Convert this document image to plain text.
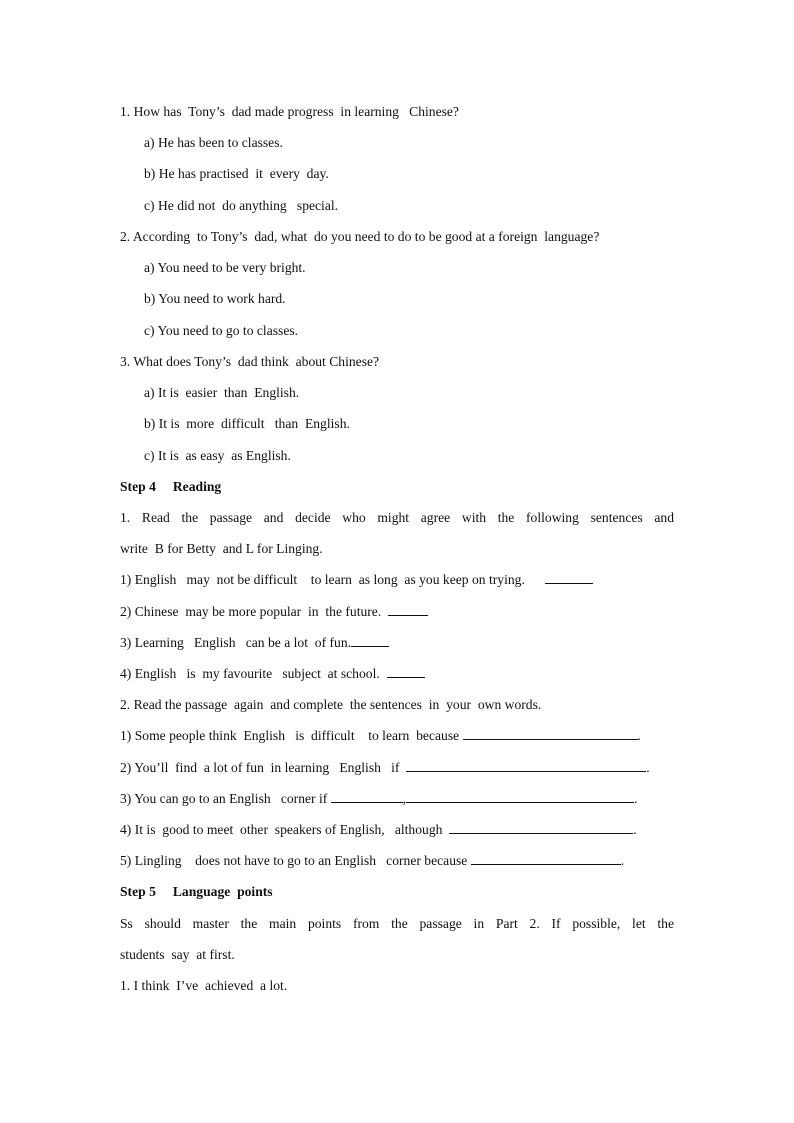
1. How has  Tony’s  dad made progress  in learning   Chinese?
a) He has been to classes.
b) He has practised  it  every  day.
c) He did not  do anything   special.
2. According  to Tony’s  dad, what  do you need to do to be good at a foreign  language?
a) You need to be very bright.
b) You need to work hard.
c) You need to go to classes.
3. What does Tony’s  dad think  about Chinese?
a) It is  easier  than  English.
b) It is  more  difficult   than  English.
c) It is  as easy  as English.
Step 4     Reading
1. Read the passage and decide who might agree with the following sentences and
write  B for Betty  and L for Linging.
1) English   may  not be difficult    to learn  as long  as you keep on trying.
2) Chinese  may be more popular  in  the future.
3) Learning   English   can be a lot  of fun.
4) English   is  my favourite   subject  at school.
2. Read the passage  again  and complete  the sentences  in  your  own words.
1) Some people think  English   is  difficult    to learn  because	.
2) You’ll  find  a lot of fun  in learning   English   if	.
3) You can go to an English   corner if	,	.
4) It is  good to meet  other  speakers of English,   although	.
5) Lingling    does not have to go to an English   corner because	.
Step 5     Language  points
Ss should master the main points from the passage in Part 2. If possible, let the
students  say  at first.
1. I think  I’ve  achieved  a lot.
